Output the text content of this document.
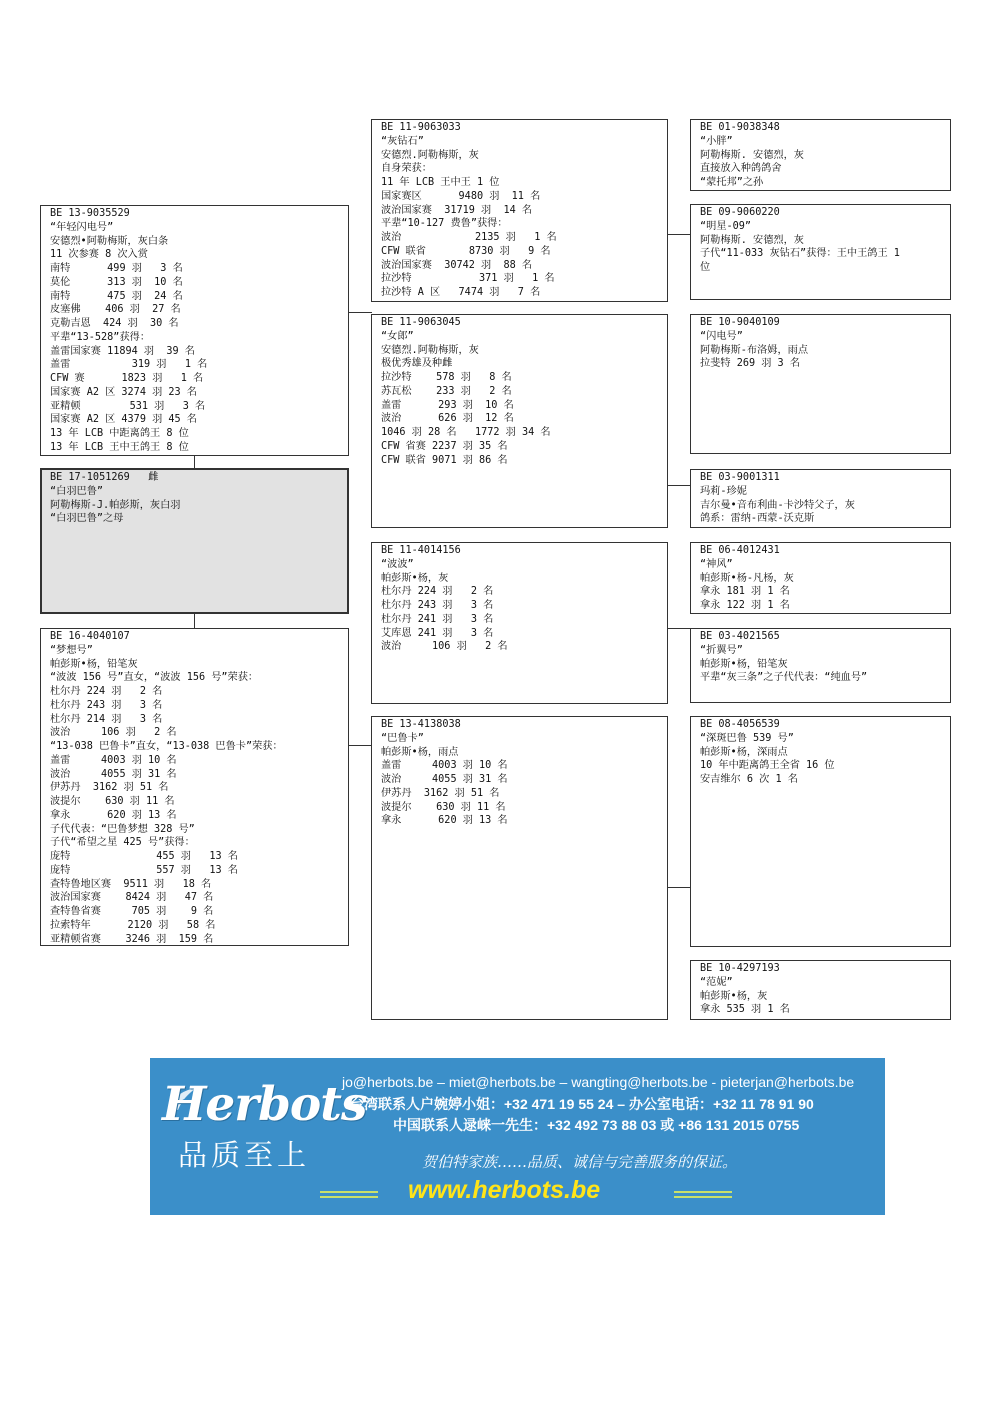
BE 13-9035529
“年轻闪电号”
安德烈•阿勒梅斯，灰白条
11 次参赛 8 次入赏
南特      499 羽   3 名
莫伦      313 羽  10 名
南特      475 羽  24 名
皮塞佛    406 羽  27 名
克勒吉恩  424 羽  30 名
平辈“13-528”获得：
盖雷国家赛 11894 羽  39 名
盖雷          319 羽   1 名
CFW 赛      1823 羽   1 名
国家赛 A2 区 3274 羽 23 名
亚精顿        531 羽   3 名
国家赛 A2 区 4379 羽 45 名
13 年 LCB 中距离鸽王 8 位
13 年 LCB 王中王鸽王 8 位
BE 17-1051269   雌
“白羽巴鲁”
阿勒梅斯-J.帕彭斯，灰白羽
“白羽巴鲁”之母
BE 16-4040107
“梦想号”
帕彭斯•杨，铅笔灰
“波波 156 号”直女，“波波 156 号”荣获：
杜尔丹 224 羽   2 名
杜尔丹 243 羽   3 名
杜尔丹 214 羽   3 名
波治     106 羽   2 名
“13-038 巴鲁卡”直女，“13-038 巴鲁卡”荣获：
盖雷     4003 羽 10 名
波治     4055 羽 31 名
伊苏丹  3162 羽 51 名
波提尔    630 羽 11 名
拿永      620 羽 13 名
子代代表：“巴鲁梦想 328 号”
子代“希望之星 425 号”获得：
庞特              455 羽   13 名
庞特              557 羽   13 名
查特鲁地区赛  9511 羽   18 名
波治国家赛    8424 羽   47 名
查特鲁省赛     705 羽    9 名
拉索特年      2120 羽   58 名
亚精顿省赛    3246 羽  159 名
BE 11-9063033
“灰钻石”
安德烈.阿勒梅斯，灰
自身荣获：
11 年 LCB 王中王 1 位
国家赛区      9480 羽  11 名
波治国家赛  31719 羽  14 名
平辈“10-127 费鲁”获得：
波治            2135 羽   1 名
CFW 联省       8730 羽   9 名
波治国家赛  30742 羽  88 名
拉沙特           371 羽   1 名
拉沙特 A 区   7474 羽   7 名
BE 11-9063045
“女郎”
安德烈.阿勒梅斯，灰
极优秀雄及种雌
拉沙特    578 羽   8 名
苏瓦松    233 羽   2 名
盖雷      293 羽  10 名
波治      626 羽  12 名
1046 羽 28 名   1772 羽 34 名
CFW 省赛 2237 羽 35 名
CFW 联省 9071 羽 86 名
BE 11-4014156
“波波”
帕彭斯•杨，灰
杜尔丹 224 羽   2 名
杜尔丹 243 羽   3 名
杜尔丹 241 羽   3 名
艾库恩 241 羽   3 名
波治     106 羽   2 名
BE 13-4138038
“巴鲁卡”
帕彭斯•杨，雨点
盖雷     4003 羽 10 名
波治     4055 羽 31 名
伊苏丹  3162 羽 51 名
波提尔    630 羽 11 名
拿永      620 羽 13 名
BE 01-9038348
“小胖”
阿勒梅斯. 安德烈，灰
直接放入种鸽鸽舍
“蒙托邦”之孙
BE 09-9060220
“明星-09”
阿勒梅斯. 安德烈，灰
子代“11-033 灰钻石”获得：王中王鸽王 1
位
BE 10-9040109
“闪电号”
阿勒梅斯-布洛姆，雨点
拉斐特 269 羽 3 名
BE 03-9001311
玛莉-珍妮
吉尔曼•音布利曲-卡沙特父子，灰
鸽系：雷纳-西蒙-沃克斯
BE 06-4012431
“神风”
帕彭斯•杨-凡杨，灰
拿永 181 羽 1 名
拿永 122 羽 1 名
BE 03-4021565
“折翼号”
帕彭斯•杨，铅笔灰
平辈“灰三条”之子代代表：“纯血号”
BE 08-4056539
“深斑巴鲁 539 号”
帕彭斯•杨，深雨点
10 年中距离鸽王全省 16 位
安吉维尔 6 次 1 名
BE 10-4297193
“范妮”
帕彭斯•杨，灰
拿永 535 羽 1 名
Herbots
品质至上
jo@herbots.be – miet@herbots.be – wangting@herbots.be - pieterjan@herbots.be
台湾联系人户婉婷小姐：+32 471 19 55 24 – 办公室电话：+32 11 78 91 90
中国联系人逯崃一先生：+32 492 73 88 03 或 +86 131 2015 0755
贺伯特家族……品质、诚信与完善服务的保证。
www.herbots.be
